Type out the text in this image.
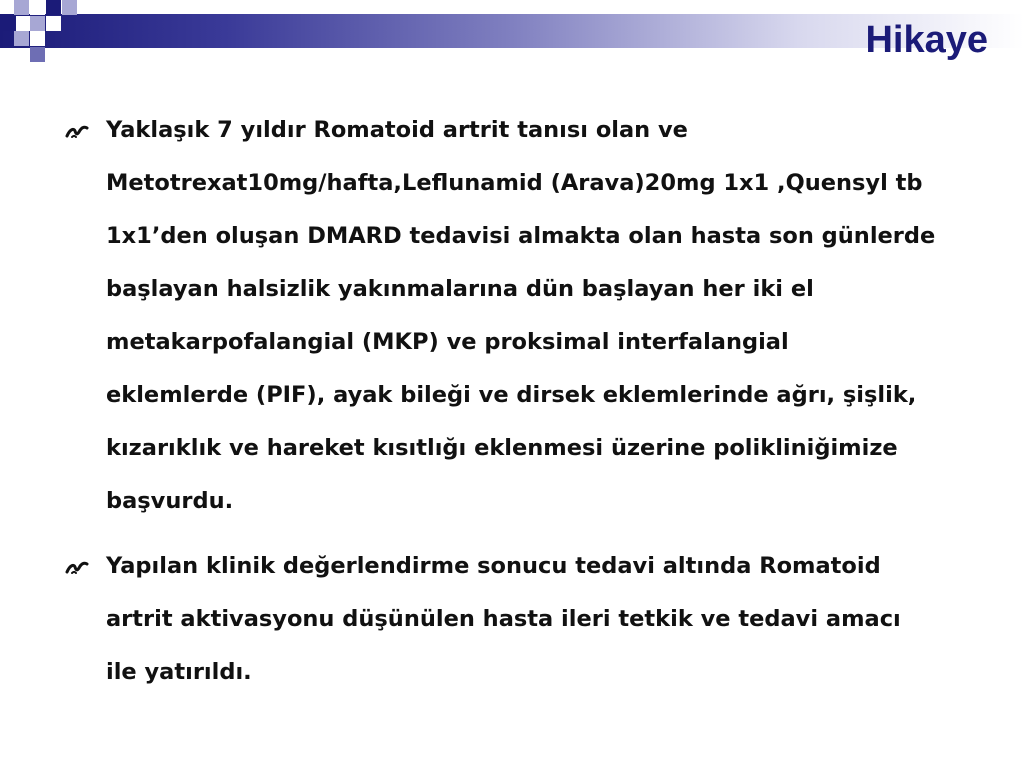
Hikaye

Yaklaşık 7 yıldır Romatoid artrit tanısı olan ve
Metotrexat10mg/hafta,Leflunamid (Arava)20mg 1x1 ,Quensyl tb
1x1’den oluşan DMARD tedavisi almakta olan hasta son günlerde
başlayan halsizlik yakınmalarına dün başlayan her iki el
metakarpofalangial (MKP) ve proksimal interfalangial
eklemlerde (PIF), ayak bileği ve dirsek eklemlerinde ağrı, şişlik,
kızarıklık ve hareket kısıtlığı eklenmesi üzerine polikliniğimize
başvurdu.

Yapılan klinik değerlendirme sonucu tedavi altında Romatoid
artrit aktivasyonu düşünülen hasta ileri tetkik ve tedavi amacı
ile yatırıldı.
